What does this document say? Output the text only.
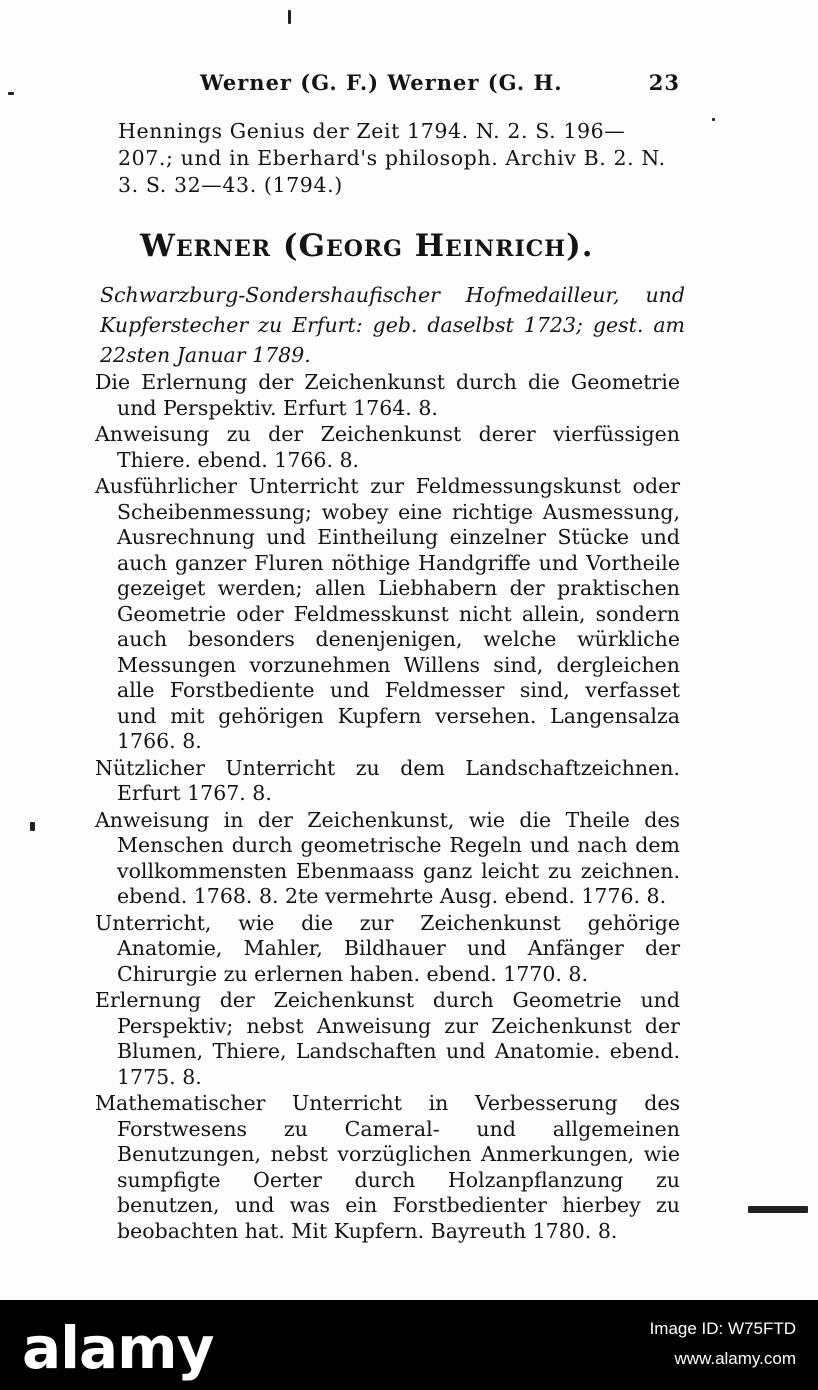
Werner (G. F.) Werner (G. H.	23
Hennings Genius der Zeit 1794. N. 2. S. 196—207.; und in Eberhard's philosoph. Archiv B. 2. N. 3. S. 32—43. (1794.)
Werner (Georg Heinrich).
Schwarzburg-Sondershaufischer Hofmedailleur, und Kupferstecher zu Erfurt: geb. daselbst 1723; gest. am 22sten Januar 1789.

Die Erlernung der Zeichenkunst durch die Geometrie und Perspektiv. Erfurt 1764. 8.

Anweisung zu der Zeichenkunst derer vierfüssigen Thiere. ebend. 1766. 8.

Ausführlicher Unterricht zur Feldmessungskunst oder Scheibenmessung; wobey eine richtige Ausmessung, Ausrechnung und Eintheilung einzelner Stücke und auch ganzer Fluren nöthige Handgriffe und Vortheile gezeiget werden; allen Liebhabern der praktischen Geometrie oder Feldmesskunst nicht allein, sondern auch besonders denenjenigen, welche würkliche Messungen vorzunehmen Willens sind, dergleichen alle Forstbediente und Feldmesser sind, verfasset und mit gehörigen Kupfern versehen. Langensalza 1766. 8.

Nützlicher Unterricht zu dem Landschaftzeichnen. Erfurt 1767. 8.

Anweisung in der Zeichenkunst, wie die Theile des Menschen durch geometrische Regeln und nach dem vollkommensten Ebenmaass ganz leicht zu zeichnen. ebend. 1768. 8. 2te vermehrte Ausg. ebend. 1776. 8.

Unterricht, wie die zur Zeichenkunst gehörige Anatomie, Mahler, Bildhauer und Anfänger der Chirurgie zu erlernen haben. ebend. 1770. 8.

Erlernung der Zeichenkunst durch Geometrie und Perspektiv; nebst Anweisung zur Zeichenkunst der Blumen, Thiere, Landschaften und Anatomie. ebend. 1775. 8.

Mathematischer Unterricht in Verbesserung des Forstwesens zu Cameral- und allgemeinen Benutzungen, nebst vorzüglichen Anmerkungen, wie sumpfigte Oerter durch Holzanpflanzung zu benutzen, und was ein Forstbedienter hierbey zu beobachten hat. Mit Kupfern. Bayreuth 1780. 8.

alamy	Image ID: W75FTD
www.alamy.com
